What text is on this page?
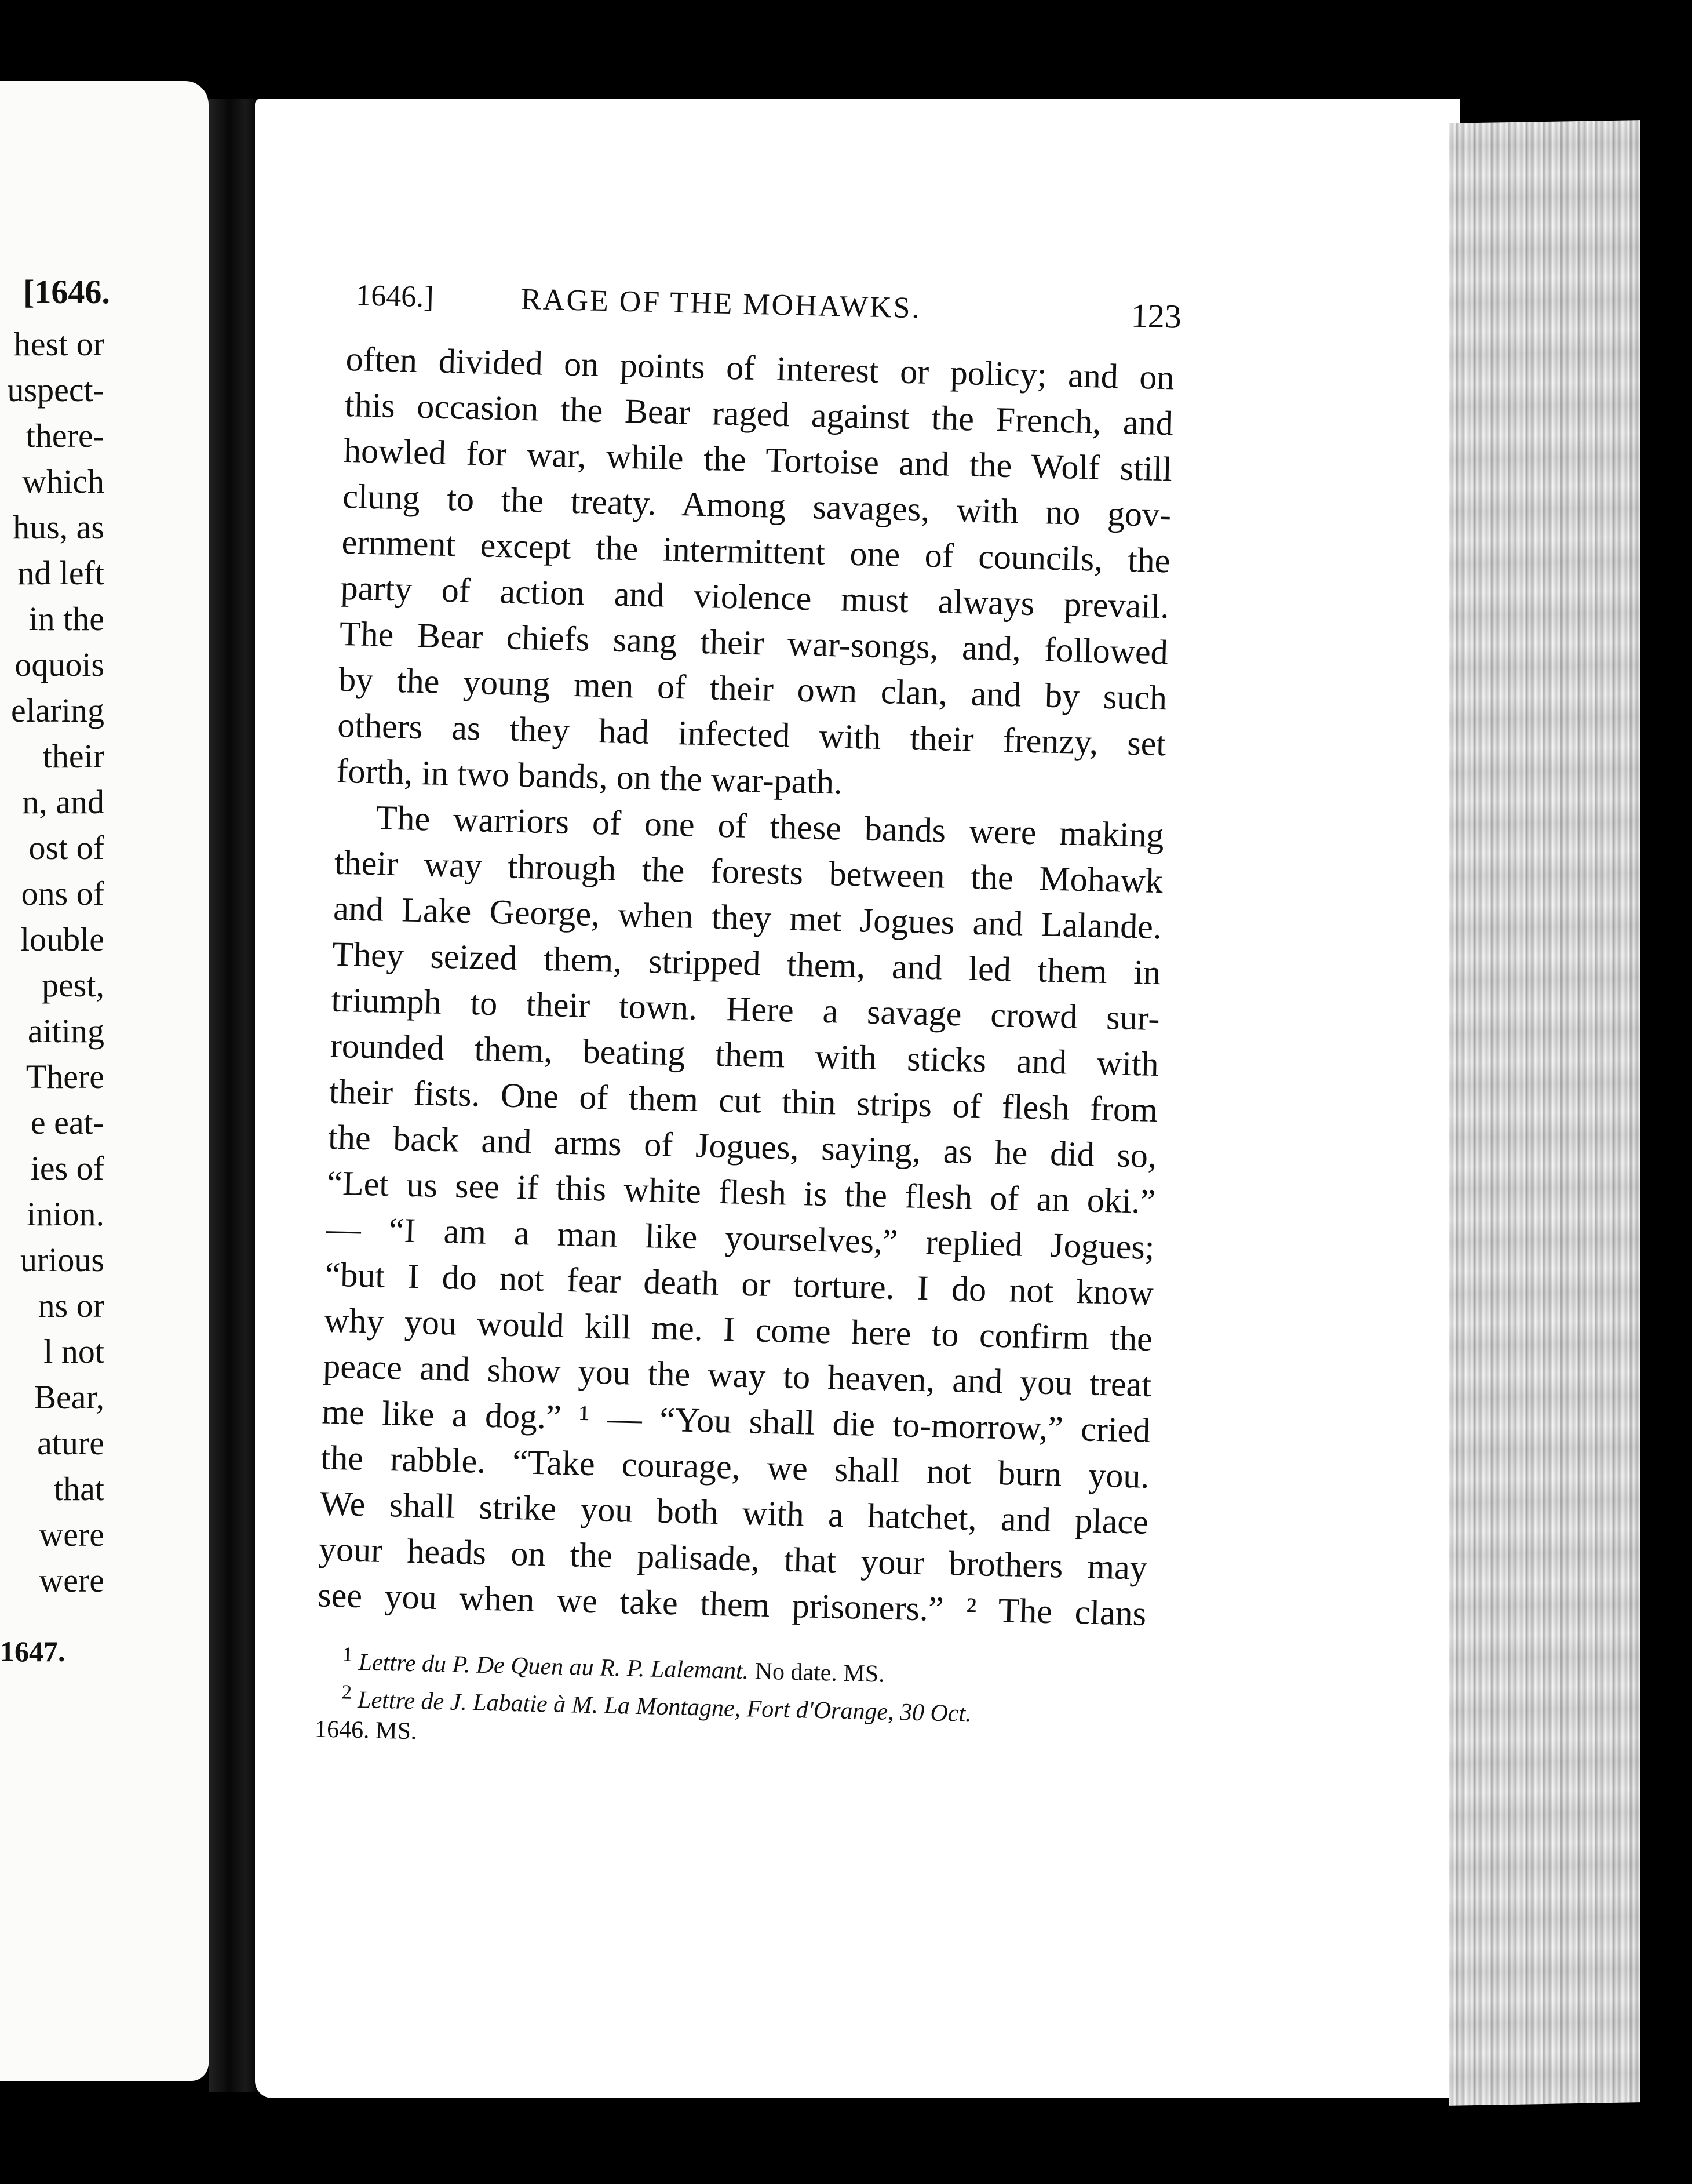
[1646.
hest or
uspect-
there-
which
hus, as
nd left
in the
oquois
elaring
their
n, and
ost of
ons of
louble
pest,
aiting
There
e eat-
ies of
inion.
urious
ns or
l not
Bear,
ature
that
were
were
1647.
1646.]	RAGE OF THE MOHAWKS.	123
often divided on points of interest or policy; and on
this occasion the Bear raged against the French, and
howled for war, while the Tortoise and the Wolf still
clung to the treaty. Among savages, with no gov-
ernment except the intermittent one of councils, the
party of action and violence must always prevail.
The Bear chiefs sang their war-songs, and, followed
by the young men of their own clan, and by such
others as they had infected with their frenzy, set
forth, in two bands, on the war-path.
The warriors of one of these bands were making
their way through the forests between the Mohawk
and Lake George, when they met Jogues and Lalande.
They seized them, stripped them, and led them in
triumph to their town. Here a savage crowd sur-
rounded them, beating them with sticks and with
their fists. One of them cut thin strips of flesh from
the back and arms of Jogues, saying, as he did so,
“Let us see if this white flesh is the flesh of an oki.”
— “I am a man like yourselves,” replied Jogues;
“but I do not fear death or torture. I do not know
why you would kill me. I come here to confirm the
peace and show you the way to heaven, and you treat
me like a dog.” ¹ — “You shall die to-morrow,” cried
the rabble. “Take courage, we shall not burn you.
We shall strike you both with a hatchet, and place
your heads on the palisade, that your brothers may
see you when we take them prisoners.” ² The clans
$^1$ Lettre du P. De Quen au R. P. Lalemant. No date. MS.
$^2$ Lettre de J. Labatie à M. La Montagne, Fort d'Orange, 30 Oct.
1646. MS.
